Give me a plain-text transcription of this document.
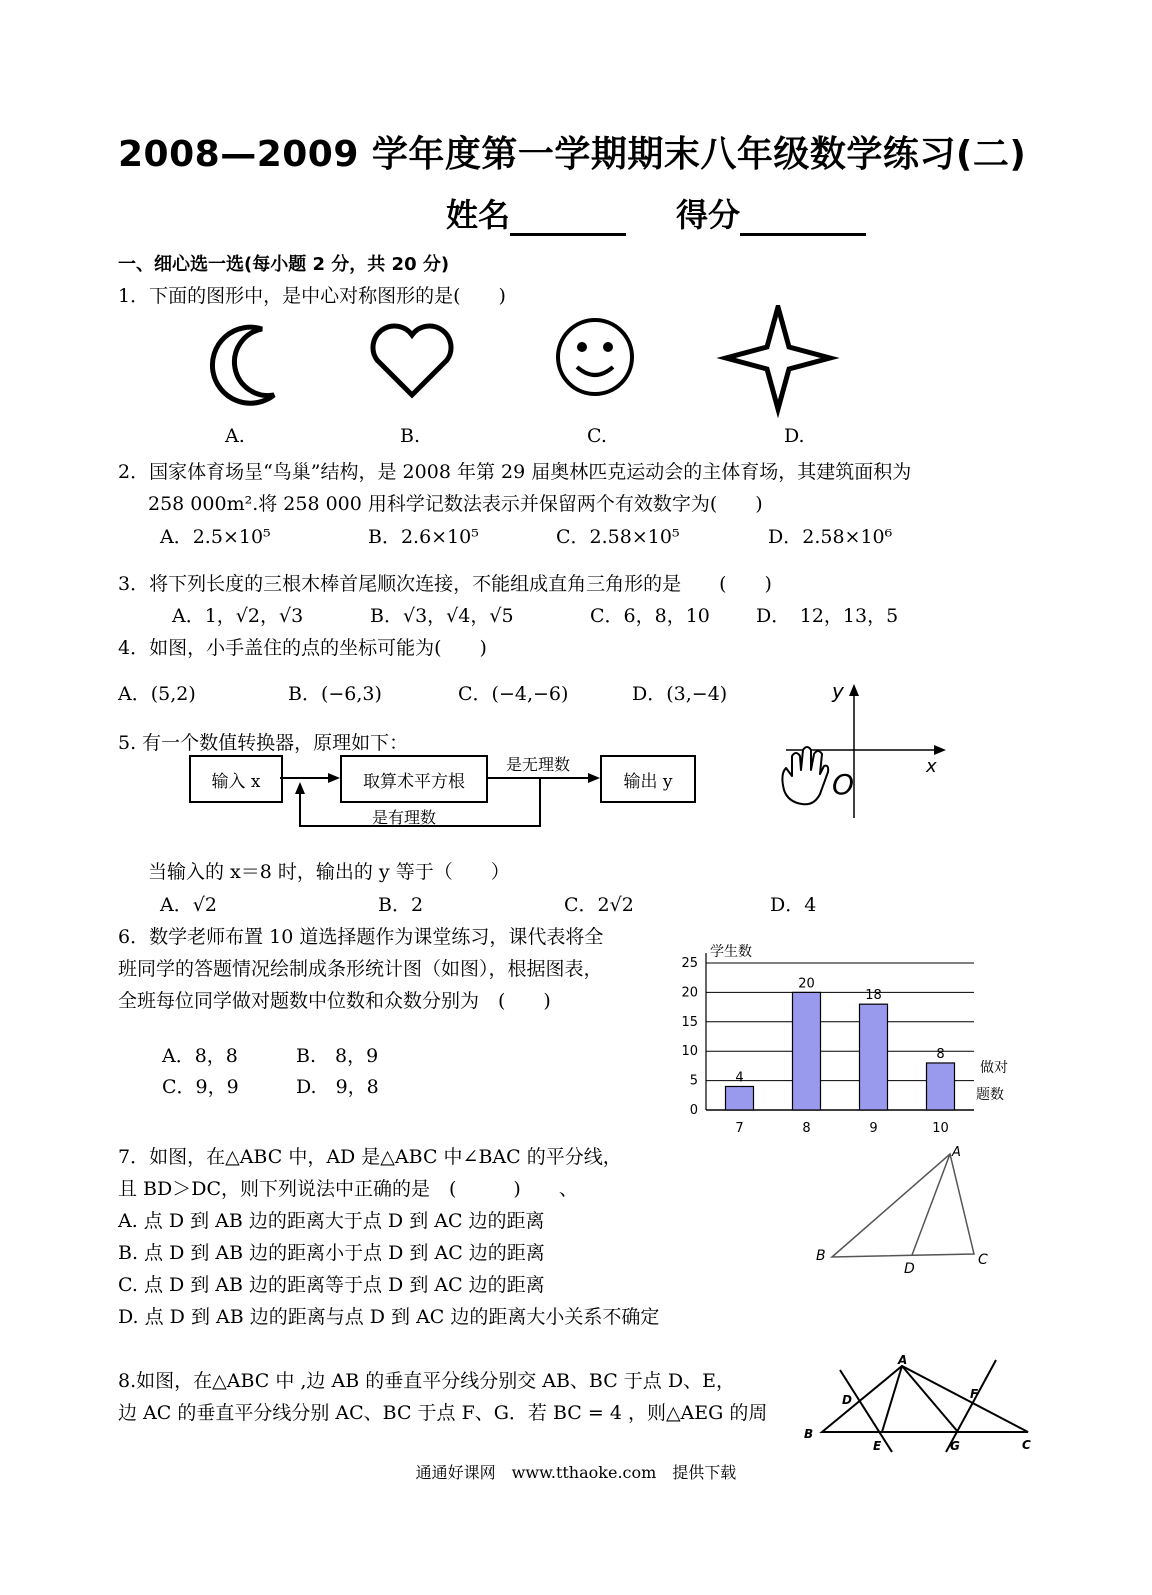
2008—2009 学年度第一学期期末八年级数学练习(二)
姓名	得分
一、细心选一选(每小题 2 分，共 20 分)
1．下面的图形中，是中心对称图形的是(　　)
A.	B.	C.	D.
2．国家体育场呈“鸟巢”结构，是 2008 年第 29 届奥林匹克运动会的主体育场，其建筑面积为
258 000m².将 258 000 用科学记数法表示并保留两个有效数字为(　　)
A．2.5×10⁵	B．2.6×10⁵	C．2.58×10⁵	D．2.58×10⁶
3．将下列长度的三根木棒首尾顺次连接，不能组成直角三角形的是　　(　　)
A．1，√2，√3	B．√3，√4，√5	C．6，8，10 D．　12，13，5
4．如图，小手盖住的点的坐标可能为(　　)
A．(5,2)	B．(−6,3)	C．(−4,−6)	D．(3,−4)	y
x
O
5. 有一个数值转换器，原理如下：
输入 x	取算术平方根	输出 y
是无理数
是有理数
当输入的 x＝8 时，输出的 y 等于（　　）
A．√2	B．2	C．2√2	D．4
6．数学老师布置 10 道选择题作为课堂练习，课代表将全
班同学的答题情况绘制成条形统计图（如图），根据图表，
全班每位同学做对题数中位数和众数分别为　(　　)
A．8，8	B.　8，9
C．9，9	D.　9，8
学生数
0
5
10
15
20
25
4
7
20
8
18
9
8
10
做对
题数
7．如图，在△ABC 中，AD 是△ABC 中∠BAC 的平分线，
且 BD＞DC，则下列说法中正确的是　(　　　)　　、
A. 点 D 到 AB 边的距离大于点 D 到 AC 边的距离
B. 点 D 到 AB 边的距离小于点 D 到 AC 边的距离
C. 点 D 到 AB 边的距离等于点 D 到 AC 边的距离
D. 点 D 到 AB 边的距离与点 D 到 AC 边的距离大小关系不确定
A
B	C
D
8.如图，在△ABC 中 ,边 AB 的垂直平分线分别交 AB、BC 于点 D、E，
边 AC 的垂直平分线分别 AC、BC 于点 F、G．若 BC = 4 ，则△AEG 的周
A
B
C
D
E
F
G
通通好课网　www.tthaoke.com　提供下载
